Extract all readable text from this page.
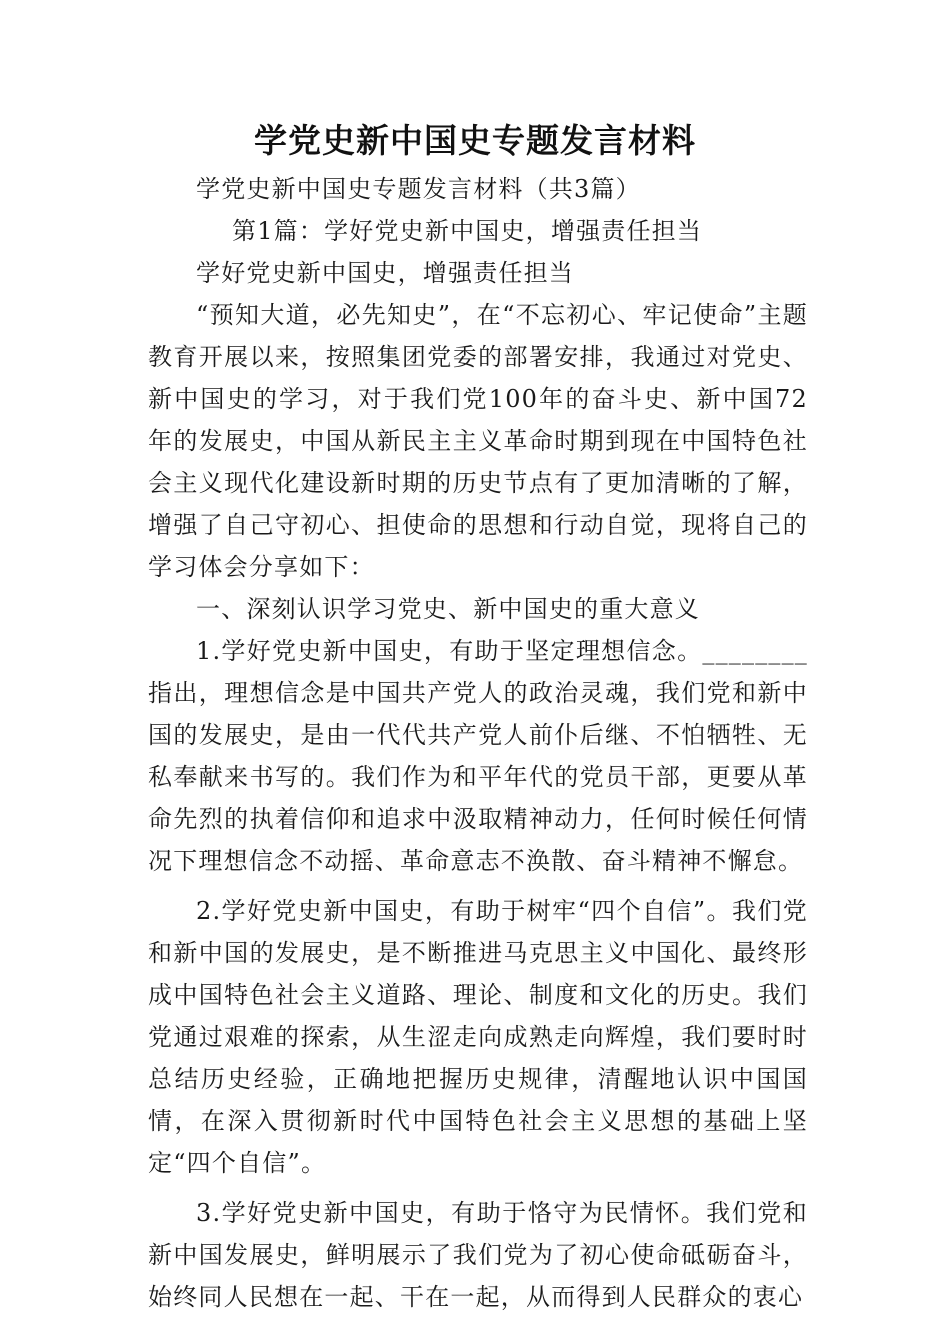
学党史新中国史专题发言材料

学党史新中国史专题发言材料（共3篇）

第1篇：学好党史新中国史，增强责任担当

学好党史新中国史，增强责任担当

“预知大道，必先知史”，在“不忘初心、牢记使命”主题教育开展以来，按照集团党委的部署安排，我通过对党史、新中国史的学习，对于我们党100年的奋斗史、新中国72年的发展史，中国从新民主主义革命时期到现在中国特色社会主义现代化建设新时期的历史节点有了更加清晰的了解，增强了自己守初心、担使命的思想和行动自觉，现将自己的学习体会分享如下：

一、深刻认识学习党史、新中国史的重大意义

1.学好党史新中国史，有助于坚定理想信念。________指出，理想信念是中国共产党人的政治灵魂，我们党和新中国的发展史，是由一代代共产党人前仆后继、不怕牺牲、无私奉献来书写的。我们作为和平年代的党员干部，更要从革命先烈的执着信仰和追求中汲取精神动力，任何时候任何情况下理想信念不动摇、革命意志不涣散、奋斗精神不懈怠。

2.学好党史新中国史，有助于树牢“四个自信”。我们党和新中国的发展史，是不断推进马克思主义中国化、最终形成中国特色社会主义道路、理论、制度和文化的历史。我们党通过艰难的探索，从生涩走向成熟走向辉煌，我们要时时总结历史经验，正确地把握历史规律，清醒地认识中国国情，在深入贯彻新时代中国特色社会主义思想的基础上坚定“四个自信”。

3.学好党史新中国史，有助于恪守为民情怀。我们党和新中国发展史，鲜明展示了我们党为了初心使命砥砺奋斗，始终同人民想在一起、干在一起，从而得到人民群众的衷心
